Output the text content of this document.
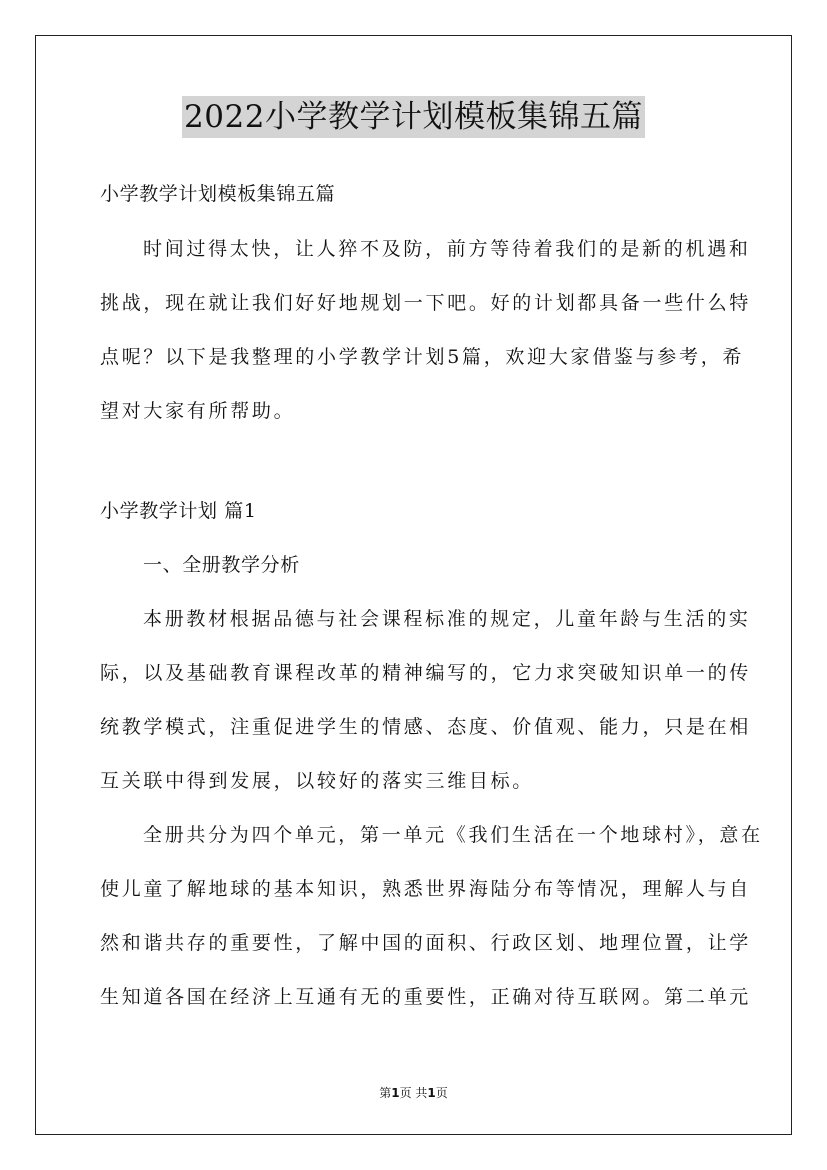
2022小学教学计划模板集锦五篇
小学教学计划模板集锦五篇
时间过得太快，让人猝不及防，前方等待着我们的是新的机遇和
挑战，现在就让我们好好地规划一下吧。好的计划都具备一些什么特
点呢？以下是我整理的小学教学计划5篇，欢迎大家借鉴与参考，希
望对大家有所帮助。
小学教学计划 篇1
一、全册教学分析
本册教材根据品德与社会课程标准的规定，儿童年龄与生活的实
际，以及基础教育课程改革的精神编写的，它力求突破知识单一的传
统教学模式，注重促进学生的情感、态度、价值观、能力，只是在相
互关联中得到发展，以较好的落实三维目标。
全册共分为四个单元，第一单元《我们生活在一个地球村》，意在
使儿童了解地球的基本知识，熟悉世界海陆分布等情况，理解人与自
然和谐共存的重要性，了解中国的面积、行政区划、地理位置，让学
生知道各国在经济上互通有无的重要性，正确对待互联网。第二单元
第1页 共1页
